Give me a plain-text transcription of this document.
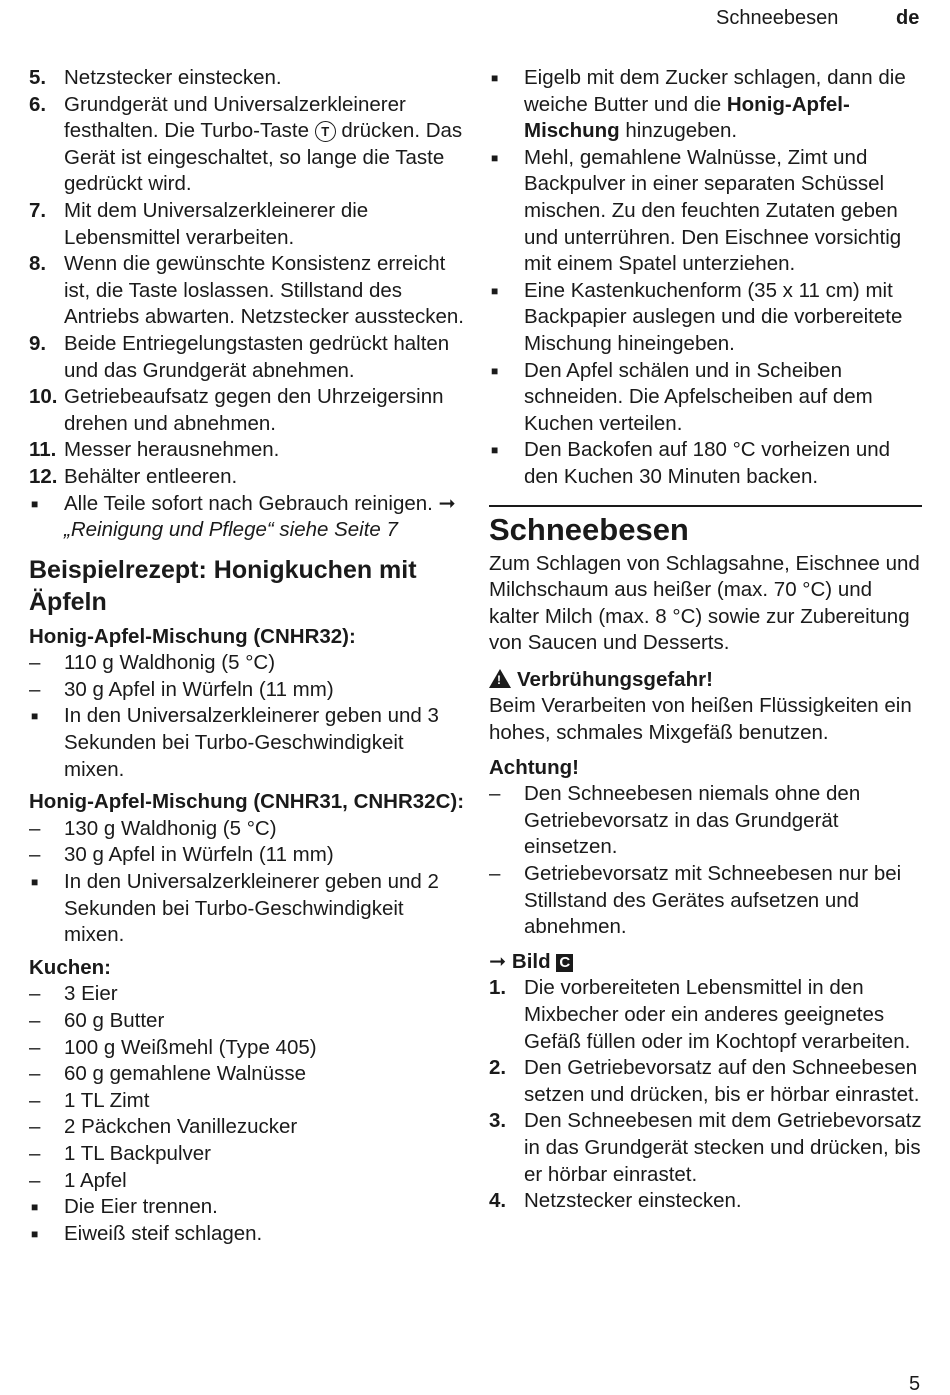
Schneebesen	de
5. Netzstecker einstecken.
6. Grundgerät und Universalzerkleinerer festhalten. Die Turbo-Taste T drücken. Das Gerät ist eingeschaltet, so lange die Taste gedrückt wird.
7. Mit dem Universalzerkleinerer die Lebensmittel verarbeiten.
8. Wenn die gewünschte Konsistenz erreicht ist, die Taste loslassen. Stillstand des Antriebs abwarten. Netzstecker ausstecken.
9. Beide Entriegelungstasten gedrückt halten und das Grundgerät abnehmen.
10. Getriebeaufsatz gegen den Uhrzeigersinn drehen und abnehmen.
11. Messer herausnehmen.
12. Behälter entleeren.
■	Alle Teile sofort nach Gebrauch reinigen. ➞ „Reinigung und Pflege“ siehe Seite 7
Beispielrezept: Honigkuchen mit Äpfeln
Honig-Apfel-Mischung (CNHR32):
–	110 g Waldhonig (5 °C)
–	30 g Apfel in Würfeln (11 mm)
■	In den Universalzerkleinerer geben und 3 Sekunden bei Turbo-Geschwindigkeit mixen.
Honig-Apfel-Mischung (CNHR31, CNHR32C):
–	130 g Waldhonig (5 °C)
–	30 g Apfel in Würfeln (11 mm)
■	In den Universalzerkleinerer geben und 2 Sekunden bei Turbo-Geschwindigkeit mixen.
Kuchen:
–	3 Eier
–	60 g Butter
–	100 g Weißmehl (Type 405)
–	60 g gemahlene Walnüsse
–	1 TL Zimt
–	2 Päckchen Vanillezucker
–	1 TL Backpulver
–	1 Apfel
■	Die Eier trennen.
■	Eiweiß steif schlagen.
■	Eigelb mit dem Zucker schlagen, dann die weiche Butter und die Honig-Apfel-Mischung hinzugeben.
■	Mehl, gemahlene Walnüsse, Zimt und Backpulver in einer separaten Schüssel mischen. Zu den feuchten Zutaten geben und unterrühren. Den Eischnee vorsichtig mit einem Spatel unterziehen.
■	Eine Kastenkuchenform (35 x 11 cm) mit Backpapier auslegen und die vorbereitete Mischung hineingeben.
■	Den Apfel schälen und in Scheiben schneiden. Die Apfelscheiben auf dem Kuchen verteilen.
■	Den Backofen auf 180 °C vorheizen und den Kuchen 30 Minuten backen.
Schneebesen
Zum Schlagen von Schlagsahne, Eischnee und Milchschaum aus heißer (max. 70 °C) und kalter Milch (max. 8 °C) sowie zur Zubereitung von Saucen und Desserts.
!Verbrühungsgefahr!
Beim Verarbeiten von heißen Flüssigkeiten ein hohes, schmales Mixgefäß benutzen.
Achtung!
–	Den Schneebesen niemals ohne den Getriebevorsatz in das Grundgerät einsetzen.
–	Getriebevorsatz mit Schneebesen nur bei Stillstand des Gerätes aufsetzen und abnehmen.
➞ Bild C
1. Die vorbereiteten Lebensmittel in den Mixbecher oder ein anderes geeignetes Gefäß füllen oder im Kochtopf verarbeiten.
2. Den Getriebevorsatz auf den Schneebesen setzen und drücken, bis er hörbar einrastet.
3. Den Schneebesen mit dem Getriebevorsatz in das Grundgerät stecken und drücken, bis er hörbar einrastet.
4. Netzstecker einstecken.
5
